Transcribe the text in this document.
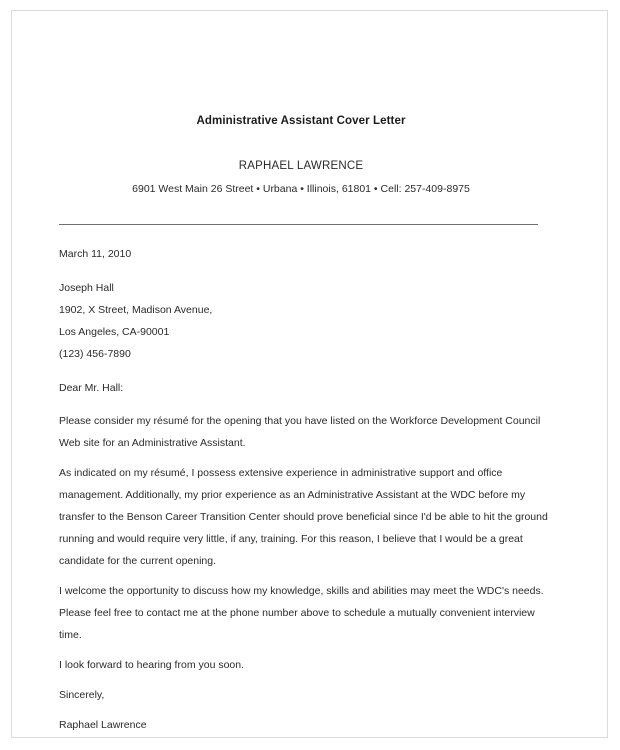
Administrative Assistant Cover Letter
RAPHAEL LAWRENCE
6901 West Main 26 Street • Urbana • Illinois, 61801 • Cell: 257-409-8975
March 11, 2010
Joseph Hall
1902, X Street, Madison Avenue,
Los Angeles, CA-90001
(123) 456-7890
Dear Mr. Hall:
Please consider my résumé for the opening that you have listed on the Workforce Development Council Web site for an Administrative Assistant.
As indicated on my résumé, I possess extensive experience in administrative support and office management. Additionally, my prior experience as an Administrative Assistant at the WDC before my transfer to the Benson Career Transition Center should prove beneficial since I'd be able to hit the ground running and would require very little, if any, training. For this reason, I believe that I would be a great candidate for the current opening.
I welcome the opportunity to discuss how my knowledge, skills and abilities may meet the WDC's needs. Please feel free to contact me at the phone number above to schedule a mutually convenient interview time.
I look forward to hearing from you soon.
Sincerely,
Raphael Lawrence
